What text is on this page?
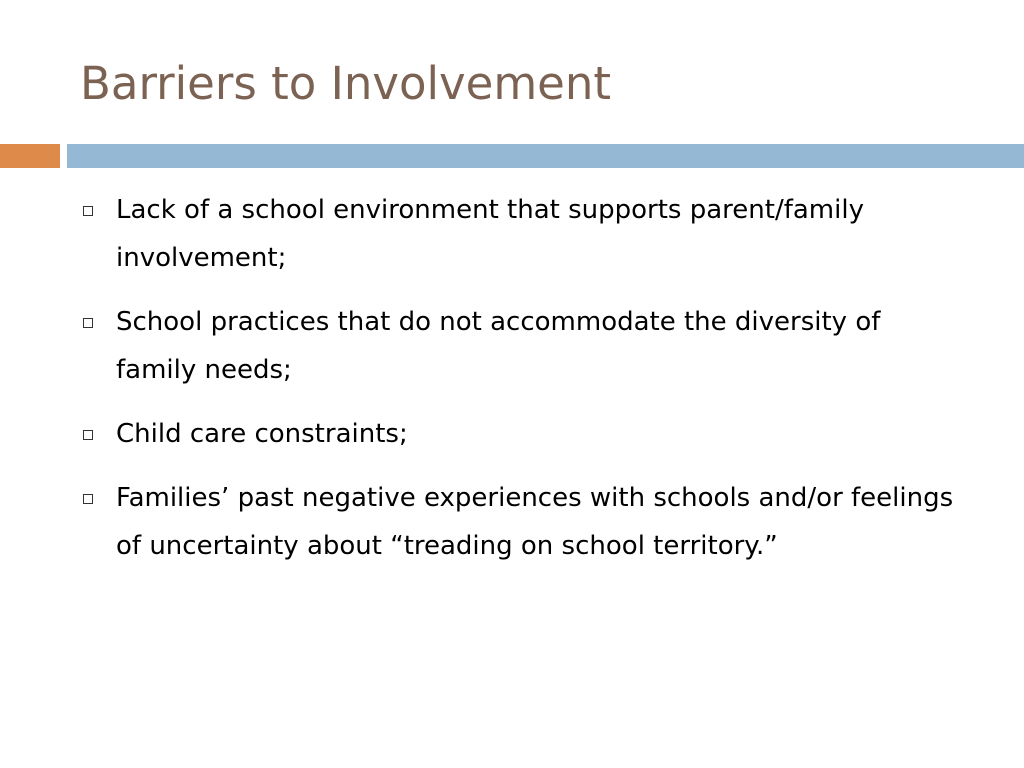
Barriers to Involvement
Lack of a school environment that supports parent/family involvement;
School practices that do not accommodate the diversity of family needs;
Child care constraints;
Families’ past negative experiences with schools and/or feelings of uncertainty about “treading on school territory.”
